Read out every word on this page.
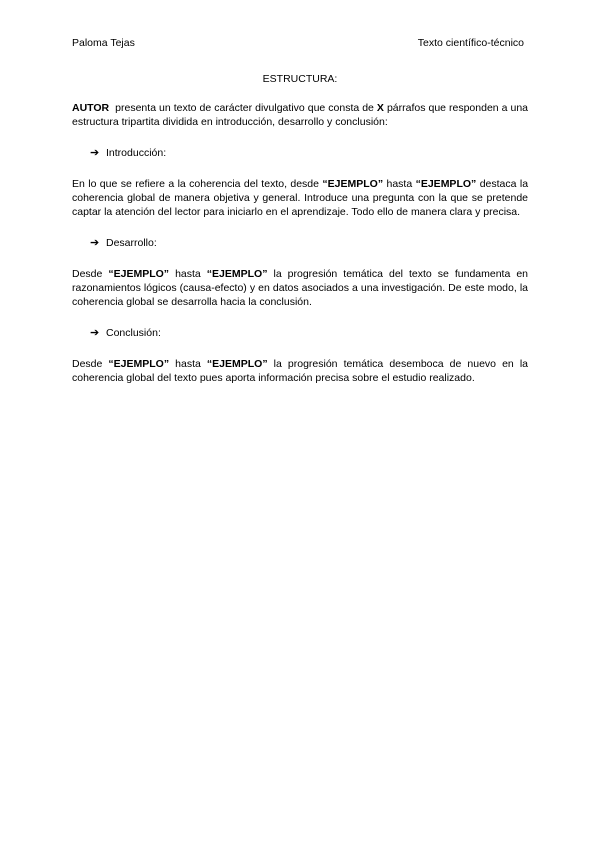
Paloma Tejas	Texto científico-técnico
ESTRUCTURA:

AUTOR presenta un texto de carácter divulgativo que consta de X párrafos que responden a una estructura tripartita dividida en introducción, desarrollo y conclusión:

➔ Introducción:

En lo que se refiere a la coherencia del texto, desde “EJEMPLO” hasta “EJEMPLO” destaca la coherencia global de manera objetiva y general. Introduce una pregunta con la que se pretende captar la atención del lector para iniciarlo en el aprendizaje. Todo ello de manera clara y precisa.

➔ Desarrollo:

Desde “EJEMPLO” hasta “EJEMPLO” la progresión temática del texto se fundamenta en razonamientos lógicos (causa-efecto) y en datos asociados a una investigación. De este modo, la coherencia global se desarrolla hacia la conclusión.

➔ Conclusión:

Desde “EJEMPLO” hasta “EJEMPLO” la progresión temática desemboca de nuevo en la coherencia global del texto pues aporta información precisa sobre el estudio realizado.
